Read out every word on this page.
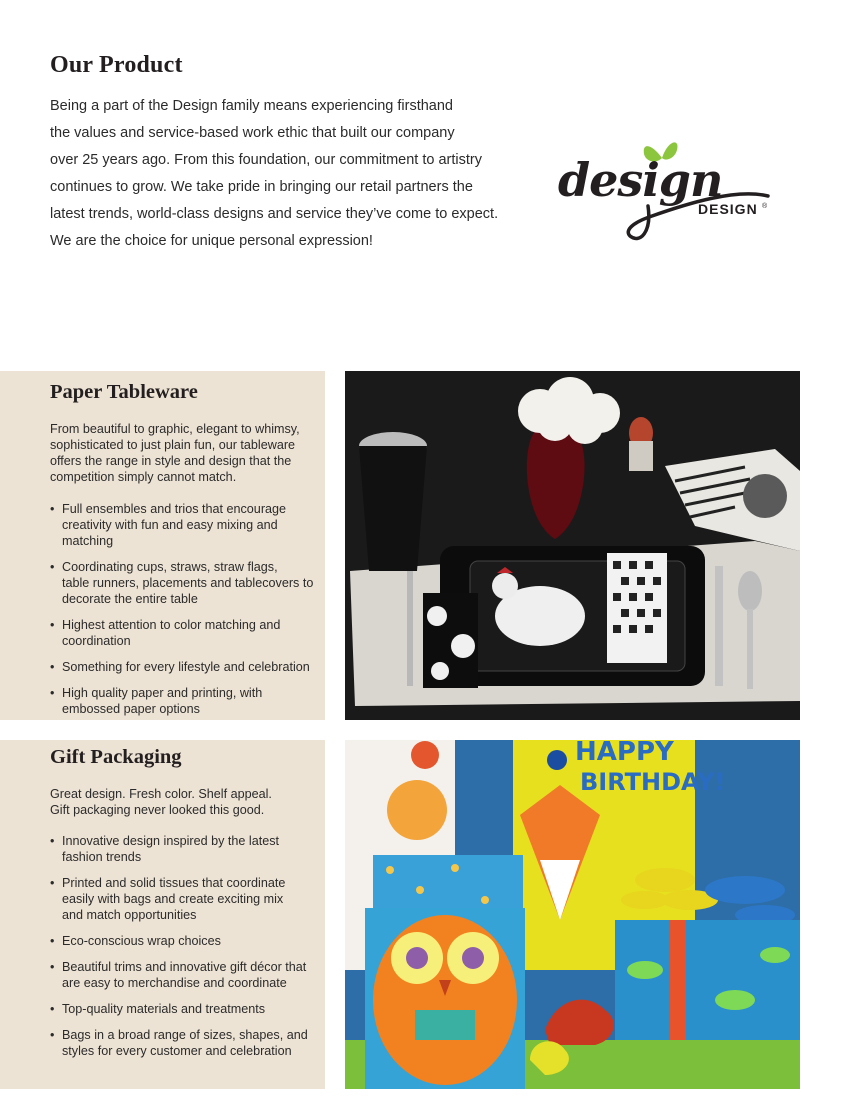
Our Product

Being a part of the Design family means experiencing firsthand
the values and service-based work ethic that built our company
over 25 years ago. From this foundation, our commitment to artistry
continues to grow. We take pride in bringing our retail partners the
latest trends, world-class designs and service they’ve come to expect.
We are the choice for unique personal expression!

design
DESIGN ®
Paper Tableware

From beautiful to graphic, elegant to whimsy,
sophisticated to just plain fun, our tableware
offers the range in style and design that the
competition simply cannot match.

• Full ensembles and trios that encourage
creativity with fun and easy mixing and
matching
• Coordinating cups, straws, straw flags,
table runners, placements and tablecovers to
decorate the entire table
• Highest attention to color matching and
coordination
• Something for every lifestyle and celebration
• High quality paper and printing, with
embossed paper options
Gift Packaging

Great design. Fresh color. Shelf appeal.
Gift packaging never looked this good.

• Innovative design inspired by the latest
fashion trends
• Printed and solid tissues that coordinate
easily with bags and create exciting mix
and match opportunities
• Eco-conscious wrap choices
• Beautiful trims and innovative gift décor that
are easy to merchandise and coordinate
• Top-quality materials and treatments
• Bags in a broad range of sizes, shapes, and
styles for every customer and celebration
HAPPY
BIRTHDAY!
